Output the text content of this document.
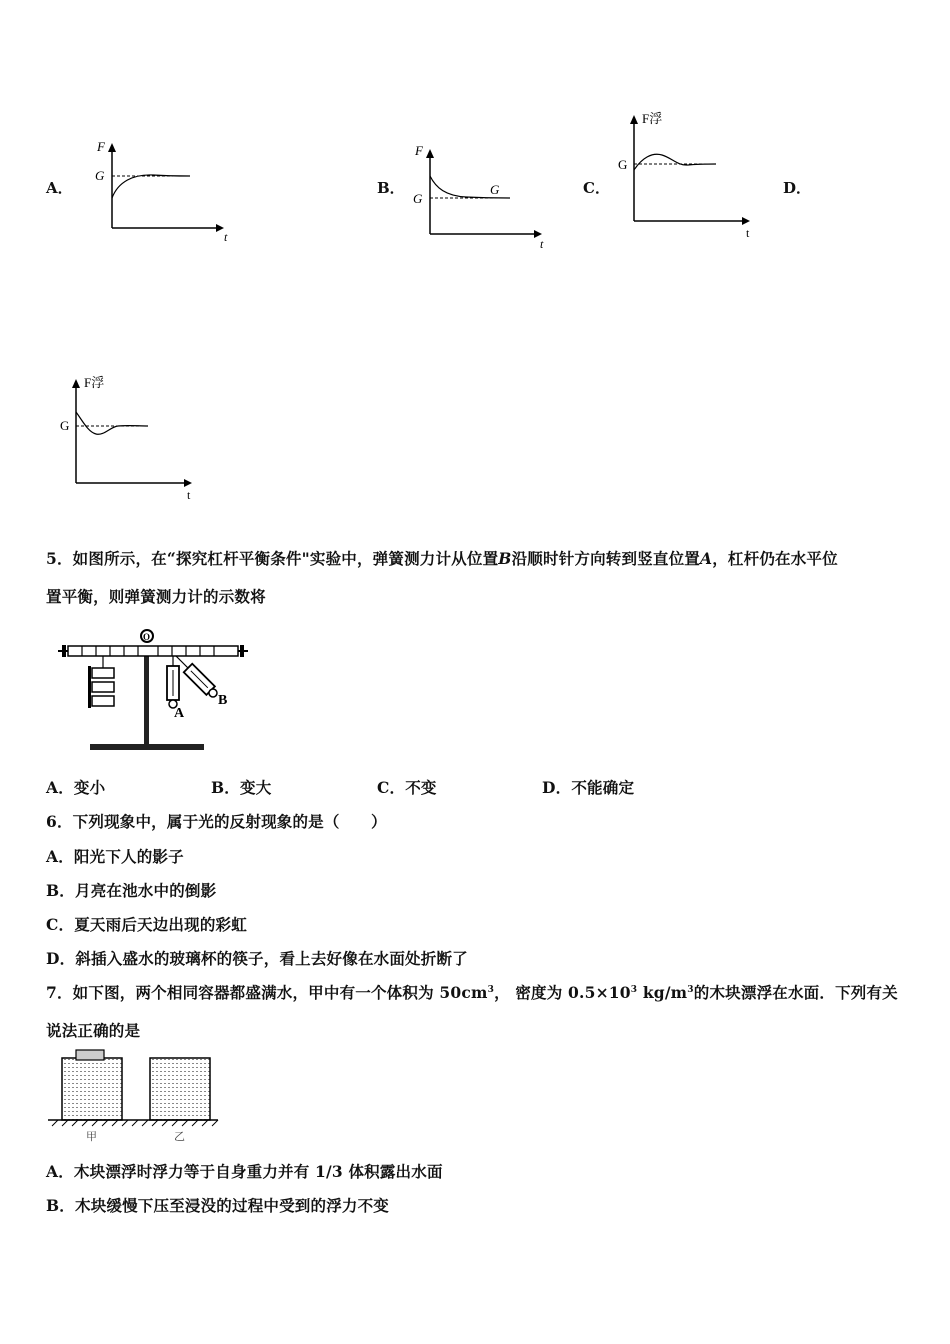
A．
F
G
t
B．
F
G
G
t
C．
F浮
G
t
D．
F浮
G
t
5．如图所示，在“探究杠杆平衡条件"实验中，弹簧测力计从位置B沿顺时针方向转到竖直位置A，杠杆仍在水平位
置平衡，则弹簧测力计的示数将
O
A
B
A．变小	B．变大	C．不变	D．不能确定
6．下列现象中，属于光的反射现象的是（　　）
A．阳光下人的影子
B．月亮在池水中的倒影
C．夏天雨后天边出现的彩虹
D．斜插入盛水的玻璃杯的筷子，看上去好像在水面处折断了
7．如下图，两个相同容器都盛满水，甲中有一个体积为 $50cm^3$， 密度为 $0.5\times 10^3$ $kg/m^3$的木块漂浮在水面．下列有关
说法正确的是
甲	乙
A．木块漂浮时浮力等于自身重力并有 1/3 体积露出水面
B．木块缓慢下压至浸没的过程中受到的浮力不变
